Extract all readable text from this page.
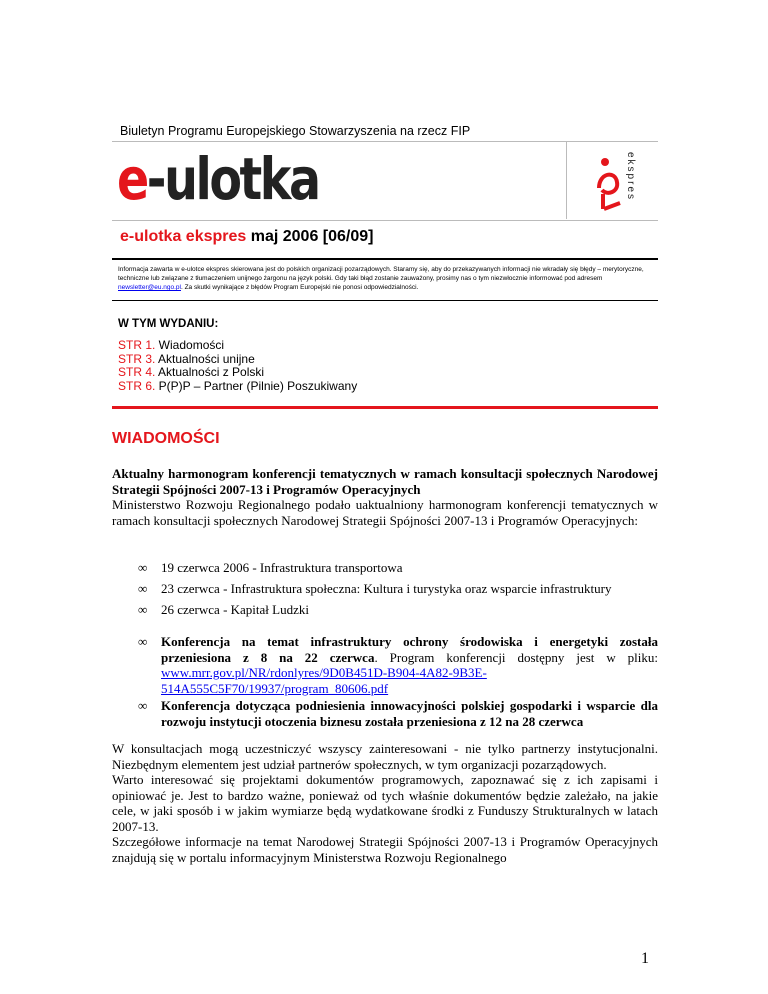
Biuletyn Programu Europejskiego Stowarzyszenia na rzecz FIP
e-ulotka	ekspres
e-ulotka ekspres maj 2006 [06/09]
Informacja zawarta w e-ulotce ekspres skierowana jest do polskich organizacji pozarządowych. Staramy się, aby do przekazywanych informacji nie wkradały się błędy – merytoryczne, techniczne lub związane z tłumaczeniem unijnego żargonu na język polski. Gdy taki błąd zostanie zauważony, prosimy nas o tym niezwłocznie informować pod adresem newsletter@eu.ngo.pl. Za skutki wynikające z błędów Program Europejski nie ponosi odpowiedzialności.
W TYM WYDANIU:
STR 1. Wiadomości
STR 3. Aktualności unijne
STR 4. Aktualności z Polski
STR 6. P(P)P – Partner (Pilnie) Poszukiwany
WIADOMOŚCI
Aktualny harmonogram konferencji tematycznych w ramach konsultacji społecznych Narodowej Strategii Spójności 2007-13 i Programów Operacyjnych
Ministerstwo Rozwoju Regionalnego podało uaktualniony harmonogram konferencji tematycznych w ramach konsultacji społecznych Narodowej Strategii Spójności 2007-13 i Programów Operacyjnych:
∞ 19 czerwca 2006 - Infrastruktura transportowa
∞ 23 czerwca - Infrastruktura społeczna: Kultura i turystyka oraz wsparcie infrastruktury
∞ 26 czerwca - Kapitał Ludzki
∞ Konferencja na temat infrastruktury ochrony środowiska i energetyki została przeniesiona z 8 na 22 czerwca. Program konferencji dostępny jest w pliku: www.mrr.gov.pl/NR/rdonlyres/9D0B451D-B904-4A82-9B3E-514A555C5F70/19937/program_80606.pdf
∞ Konferencja dotycząca podniesienia innowacyjności polskiej gospodarki i wsparcie dla rozwoju instytucji otoczenia biznesu została przeniesiona z 12 na 28 czerwca
W konsultacjach mogą uczestniczyć wszyscy zainteresowani - nie tylko partnerzy instytucjonalni. Niezbędnym elementem jest udział partnerów społecznych, w tym organizacji pozarządowych.
Warto interesować się projektami dokumentów programowych, zapoznawać się z ich zapisami i opiniować je. Jest to bardzo ważne, ponieważ od tych właśnie dokumentów będzie zależało, na jakie cele, w jaki sposób i w jakim wymiarze będą wydatkowane środki z Funduszy Strukturalnych w latach 2007-13.
Szczegółowe informacje na temat Narodowej Strategii Spójności 2007-13 i Programów Operacyjnych znajdują się w portalu informacyjnym Ministerstwa Rozwoju Regionalnego
1
